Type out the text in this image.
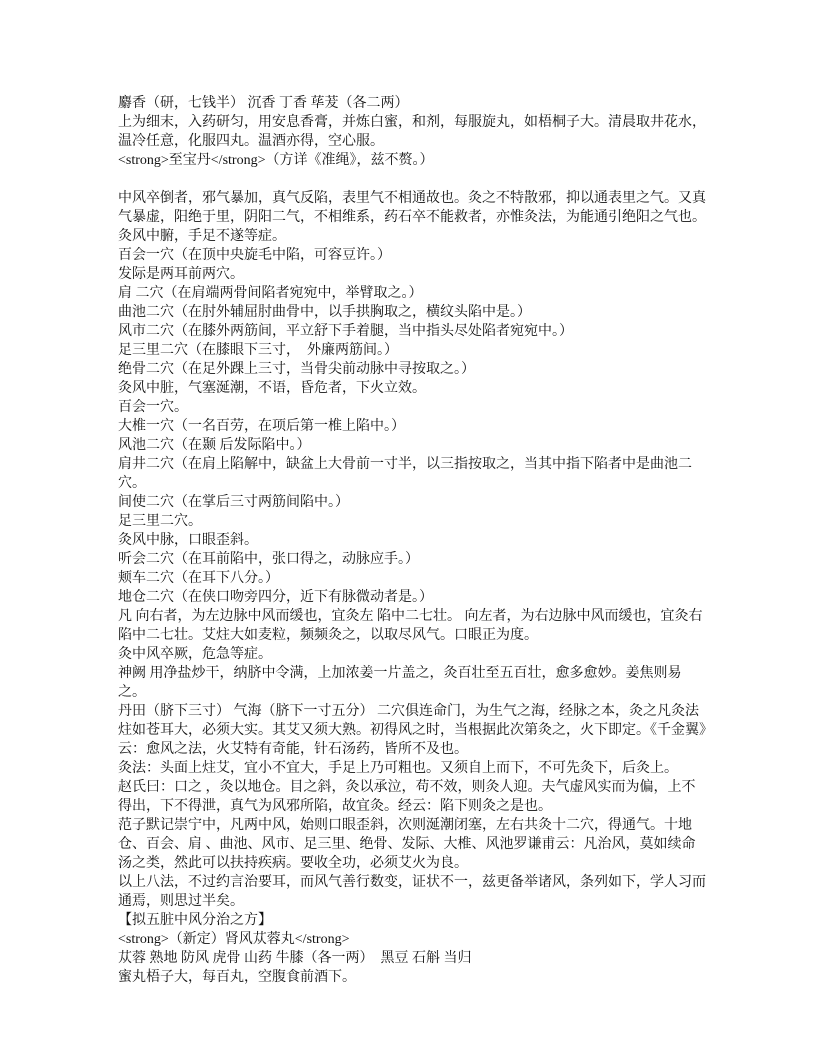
麝香（研，七钱半） 沉香 丁香 荜茇（各二两）

上为细末，入药研匀，用安息香膏，并炼白蜜，和剂，每服旋丸，如梧桐子大。清晨取井花水，温冷任意，化服四丸。温酒亦得，空心服。

<strong>至宝丹</strong>（方详《准绳》，兹不赘。）

中风卒倒者，邪气暴加，真气反陷，表里气不相通故也。灸之不特散邪，抑以通表里之气。又真气暴虚，阳绝于里，阴阳二气，不相维系，药石卒不能救者，亦惟灸法，为能通引绝阳之气也。

灸风中腑，手足不遂等症。

百会一穴（在顶中央旋毛中陷，可容豆许。）

发际是两耳前两穴。

肩 二穴（在肩端两骨间陷者宛宛中，举臂取之。）

曲池二穴（在肘外辅屈肘曲骨中，以手拱胸取之，横纹头陷中是。）

风市二穴（在膝外两筋间，平立舒下手着腿，当中指头尽处陷者宛宛中。）

足三里二穴（在膝眼下三寸，  外廉两筋间。）

绝骨二穴（在足外踝上三寸，当骨尖前动脉中寻按取之。）

灸风中脏，气塞涎潮，不语，昏危者，下火立效。

百会一穴。

大椎一穴（一名百劳，在项后第一椎上陷中。）

风池二穴（在颞 后发际陷中。）

肩井二穴（在肩上陷解中，缺盆上大骨前一寸半，以三指按取之，当其中指下陷者中是曲池二穴。

间使二穴（在掌后三寸两筋间陷中。）

足三里二穴。

灸风中脉，口眼歪斜。

听会二穴（在耳前陷中，张口得之，动脉应手。）

颊车二穴（在耳下八分。）

地仓二穴（在侠口吻旁四分，近下有脉微动者是。）

凡 向右者，为左边脉中风而缓也，宜灸左 陷中二七壮。 向左者，为右边脉中风而缓也，宜灸右 陷中二七壮。艾炷大如麦粒，频频灸之，以取尽风气。口眼正为度。

灸中风卒厥，危急等症。

神阙 用净盐炒干，纳脐中令满，上加浓姜一片盖之，灸百壮至五百壮，愈多愈妙。姜焦则易之。

丹田（脐下三寸） 气海（脐下一寸五分） 二穴俱连命门，为生气之海，经脉之本，灸之凡灸法炷如苍耳大，必须大实。其艾又须大熟。初得风之时，当根据此次第灸之，火下即定。《千金翼》云：愈风之法，火艾特有奇能，针石汤药，皆所不及也。

灸法：头面上炷艾，宜小不宜大，手足上乃可粗也。又须自上而下，不可先灸下，后灸上。

赵氏曰：口之 ，灸以地仓。目之斜，灸以承泣，苟不效，则灸人迎。夫气虚风实而为偏，上不得出，下不得泄，真气为风邪所陷，故宜灸。经云：陷下则灸之是也。

范子默记崇宁中，凡两中风，始则口眼歪斜，次则涎潮闭塞，左右共灸十二穴，得通气。十地仓、百会、肩 、曲池、风市、足三里、绝骨、发际、大椎、风池罗谦甫云：凡治风，莫如续命汤之类，然此可以扶持疾病。要收全功，必须艾火为良。

以上八法，不过约言治要耳，而风气善行数变，证状不一，兹更备举诸风，条列如下，学人习而通焉，则思过半矣。

【拟五脏中风分治之方】

<strong>（新定）肾风苁蓉丸</strong>

苁蓉 熟地 防风 虎骨 山药 牛膝（各一两）  黑豆 石斛 当归

蜜丸梧子大，每百丸，空腹食前酒下。
